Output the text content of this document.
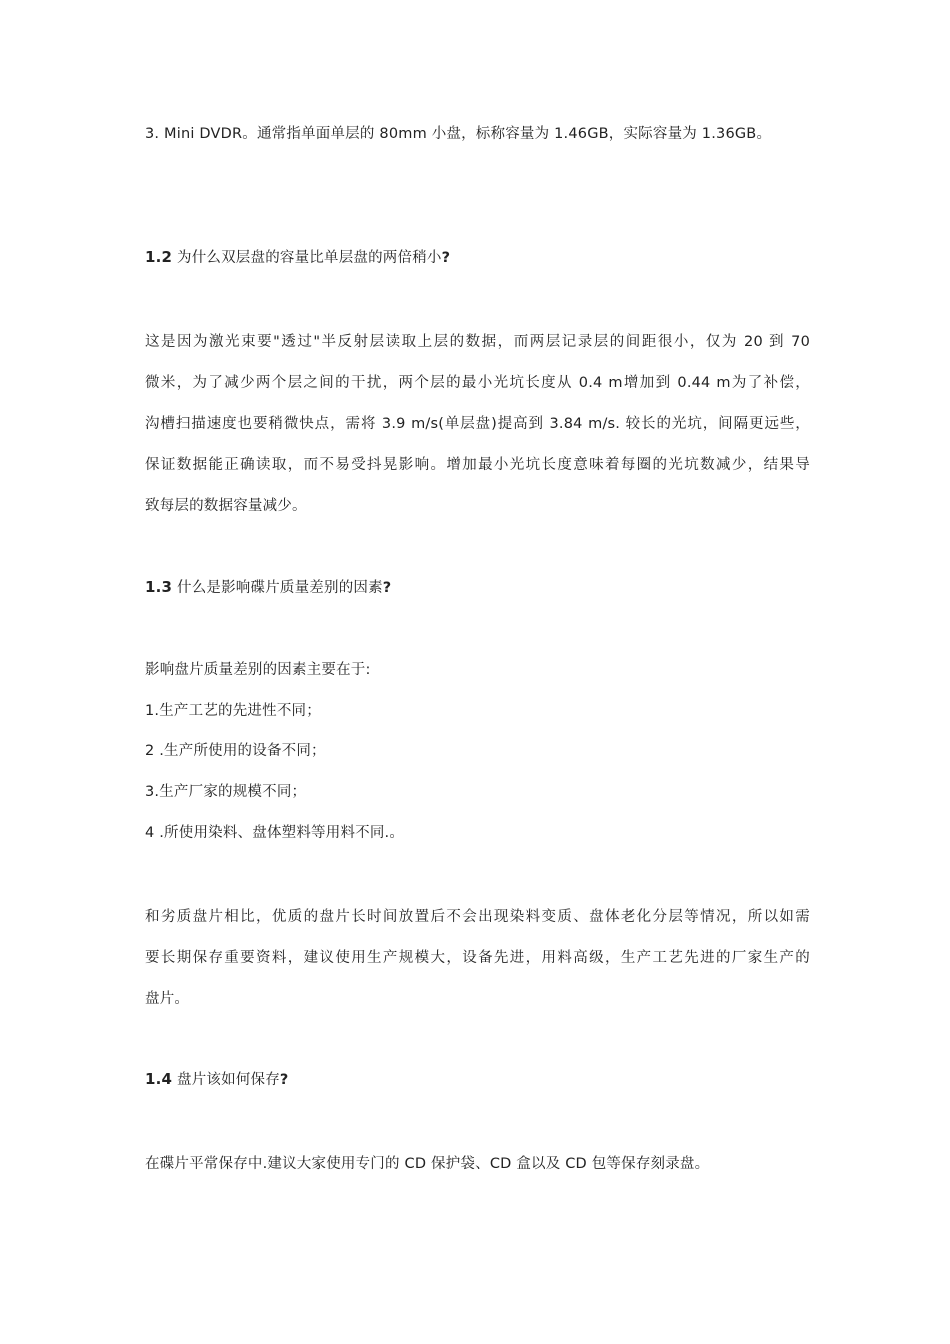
3. Mini DVDR。通常指单面单层的 80mm 小盘，标称容量为 1.46GB，实际容量为 1.36GB。
1.2 为什么双层盘的容量比单层盘的两倍稍小?
这是因为激光束要"透过"半反射层读取上层的数据，而两层记录层的间距很小，仅为 20 到 70
微米，为了减少两个层之间的干扰，两个层的最小光坑长度从 0.4 m增加到 0.44 m为了补偿，
沟槽扫描速度也要稍微快点，需将 3.9 m/s(单层盘)提高到 3.84 m/s. 较长的光坑，间隔更远些，
保证数据能正确读取，而不易受抖晃影响。增加最小光坑长度意味着每圈的光坑数减少，结果导
致每层的数据容量减少。
1.3 什么是影响碟片质量差别的因素?
影响盘片质量差别的因素主要在于:
1.生产工艺的先进性不同；
2 .生产所使用的设备不同；
3.生产厂家的规模不同；
4 .所使用染料、盘体塑料等用料不同.。
和劣质盘片相比，优质的盘片长时间放置后不会出现染料变质、盘体老化分层等情况，所以如需
要长期保存重要资料，建议使用生产规模大，设备先进，用料高级，生产工艺先进的厂家生产的
盘片。
1.4 盘片该如何保存?
在碟片平常保存中.建议大家使用专门的 CD 保护袋、CD 盒以及 CD 包等保存刻录盘。
